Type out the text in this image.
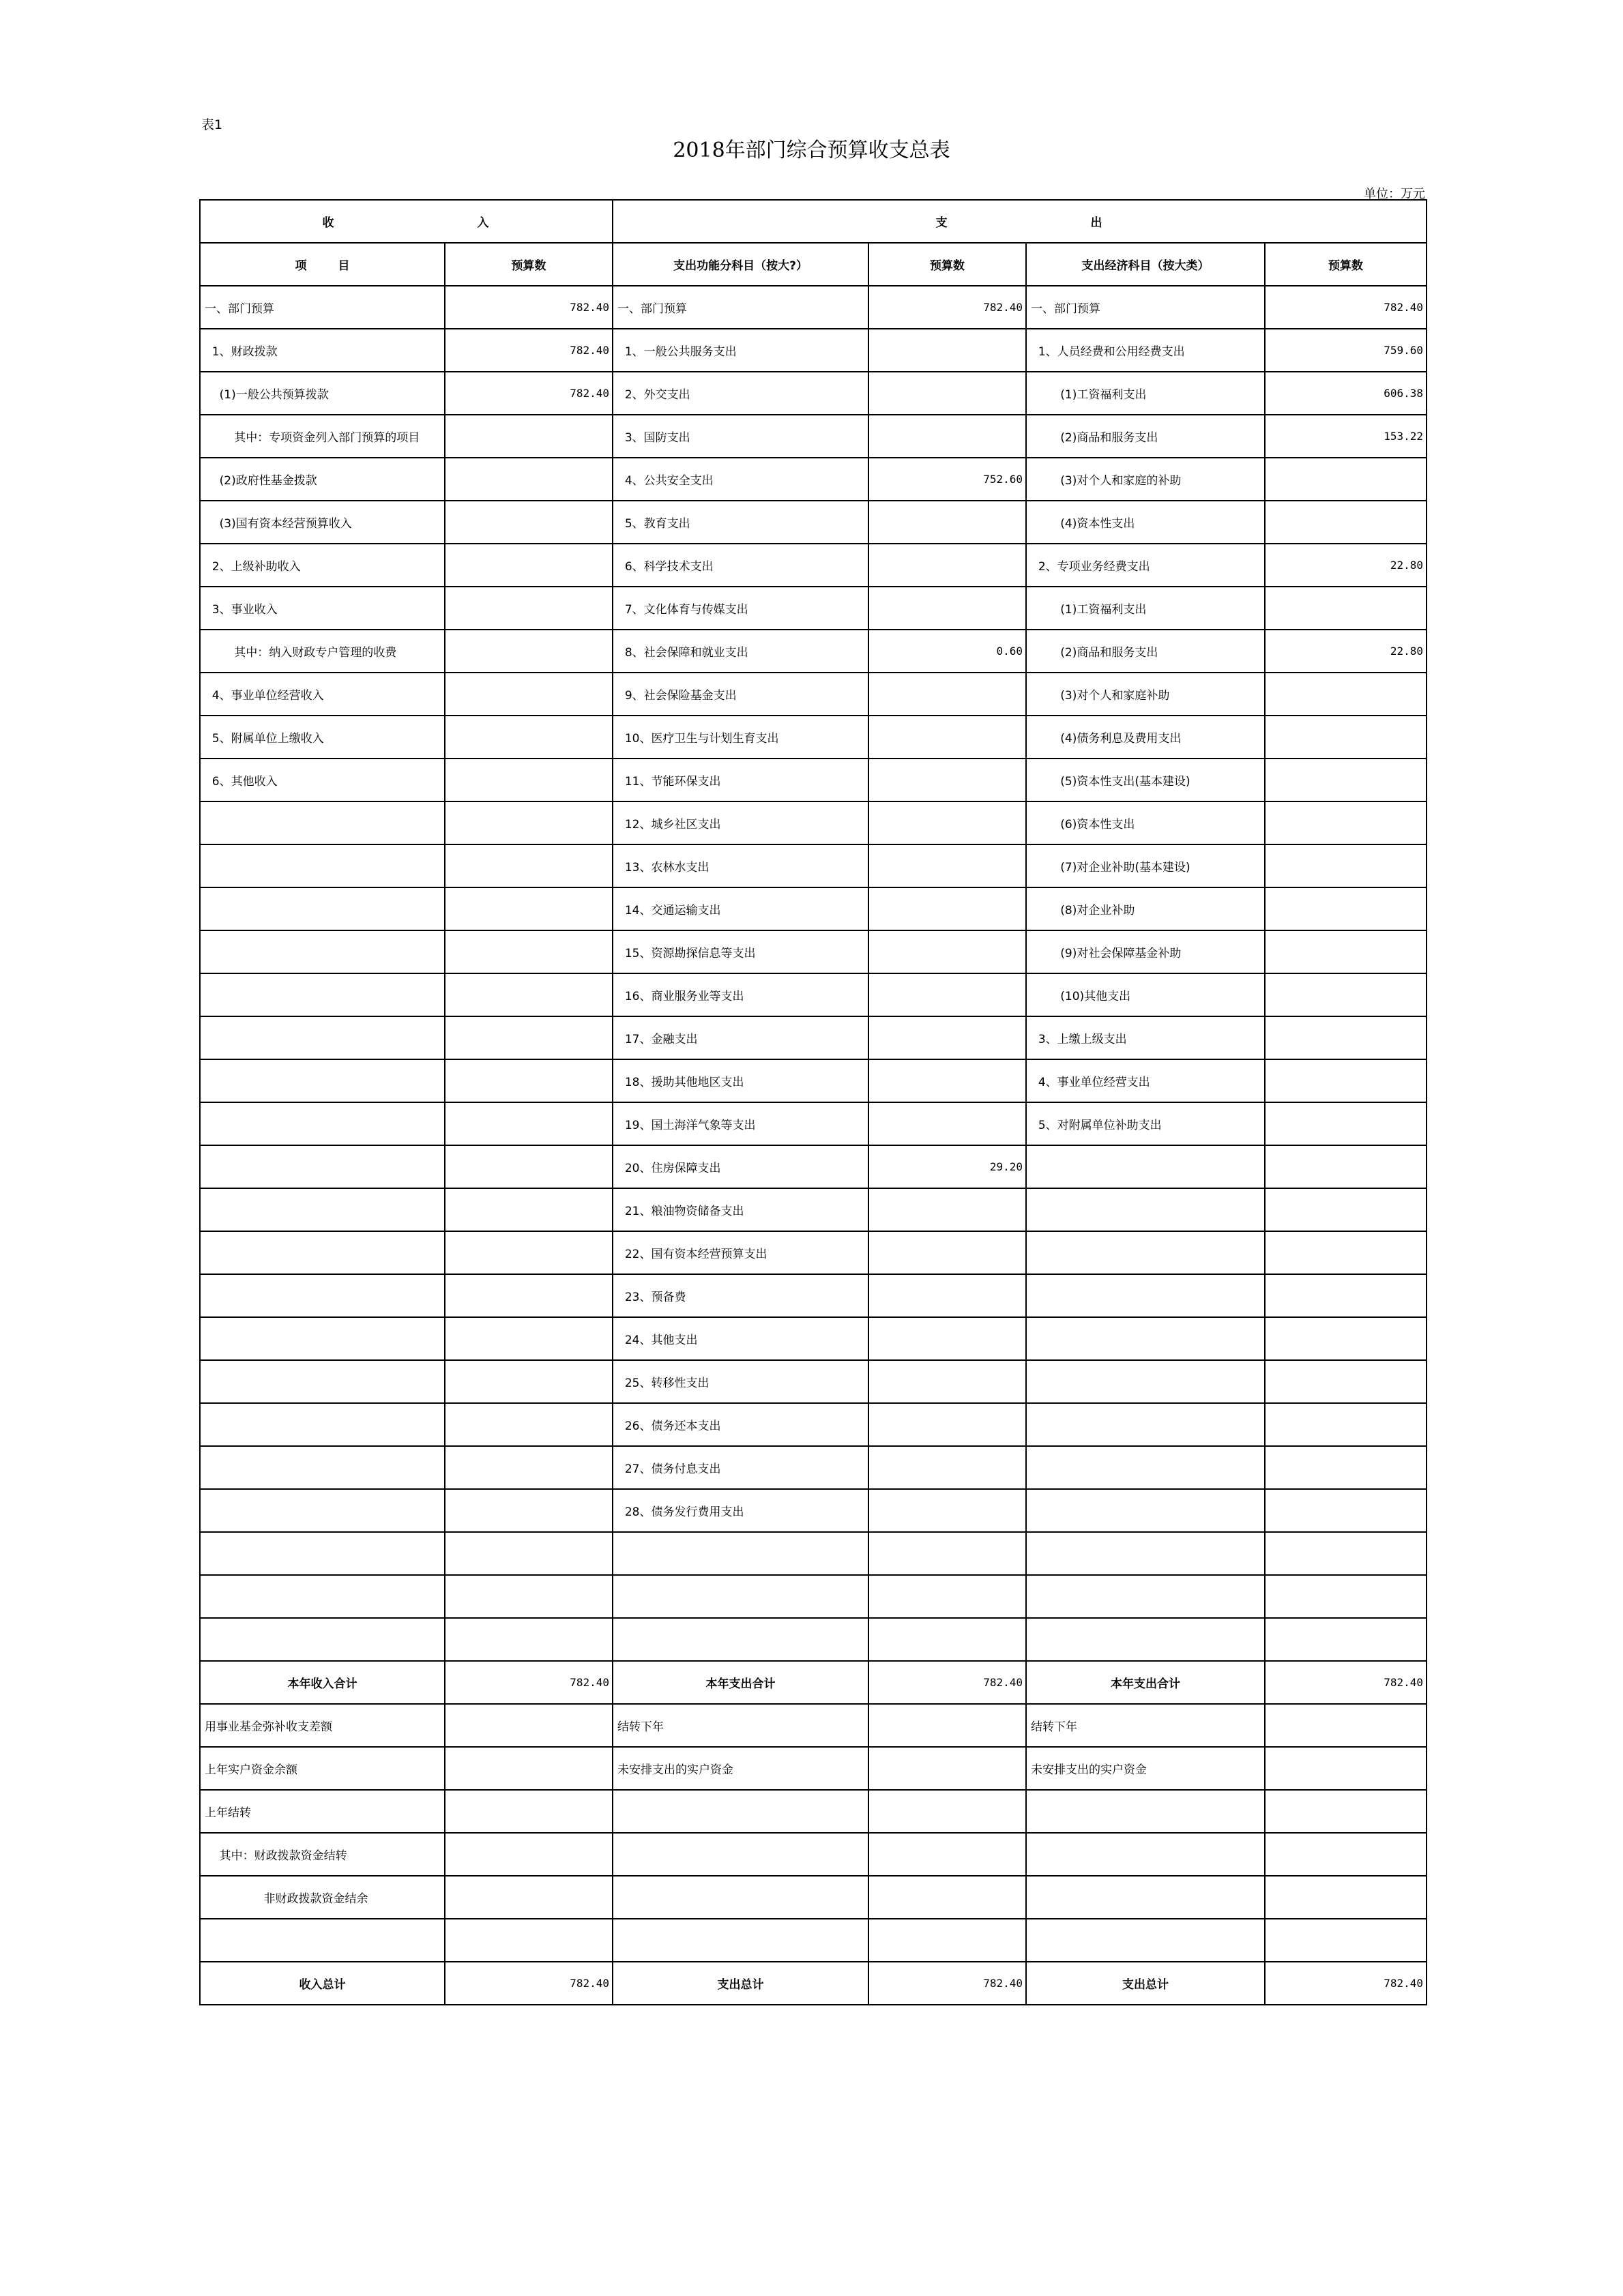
表1
2018年部门综合预算收支总表
单位：万元
收 入		支 出			
项 目	预算数	支出功能分科目（按大?）	预算数	支出经济科目（按大类）	预算数
一、部门预算	782.40	一、部门预算	782.40	一、部门预算	782.40
1、财政拨款	782.40	1、一般公共服务支出		1、人员经费和公用经费支出	759.60
(1)一般公共预算拨款	782.40	2、外交支出		(1)工资福利支出	606.38
其中：专项资金列入部门预算的项目		3、国防支出		(2)商品和服务支出	153.22
(2)政府性基金拨款		4、公共安全支出	752.60	(3)对个人和家庭的补助	
(3)国有资本经营预算收入		5、教育支出		(4)资本性支出	
2、上级补助收入		6、科学技术支出		2、专项业务经费支出	22.80
3、事业收入		7、文化体育与传媒支出		(1)工资福利支出	
其中：纳入财政专户管理的收费		8、社会保障和就业支出	0.60	(2)商品和服务支出	22.80
4、事业单位经营收入		9、社会保险基金支出		(3)对个人和家庭补助	
5、附属单位上缴收入		10、医疗卫生与计划生育支出		(4)债务利息及费用支出	
6、其他收入		11、节能环保支出		(5)资本性支出(基本建设)	
		12、城乡社区支出		(6)资本性支出	
		13、农林水支出		(7)对企业补助(基本建设)	
		14、交通运输支出		(8)对企业补助	
		15、资源勘探信息等支出		(9)对社会保障基金补助	
		16、商业服务业等支出		(10)其他支出	
		17、金融支出		3、上缴上级支出	
		18、援助其他地区支出		4、事业单位经营支出	
		19、国土海洋气象等支出		5、对附属单位补助支出	
		20、住房保障支出	29.20		
		21、粮油物资储备支出			
		22、国有资本经营预算支出			
		23、预备费			
		24、其他支出			
		25、转移性支出			
		26、债务还本支出			
		27、债务付息支出			
		28、债务发行费用支出			

本年收入合计	782.40	本年支出合计	782.40	本年支出合计	782.40
用事业基金弥补收支差额		结转下年		结转下年	
上年实户资金余额		未安排支出的实户资金		未安排支出的实户资金	
上年结转					
其中：财政拨款资金结转					
非财政拨款资金结余					

收入总计	782.40	支出总计	782.40	支出总计	782.40
